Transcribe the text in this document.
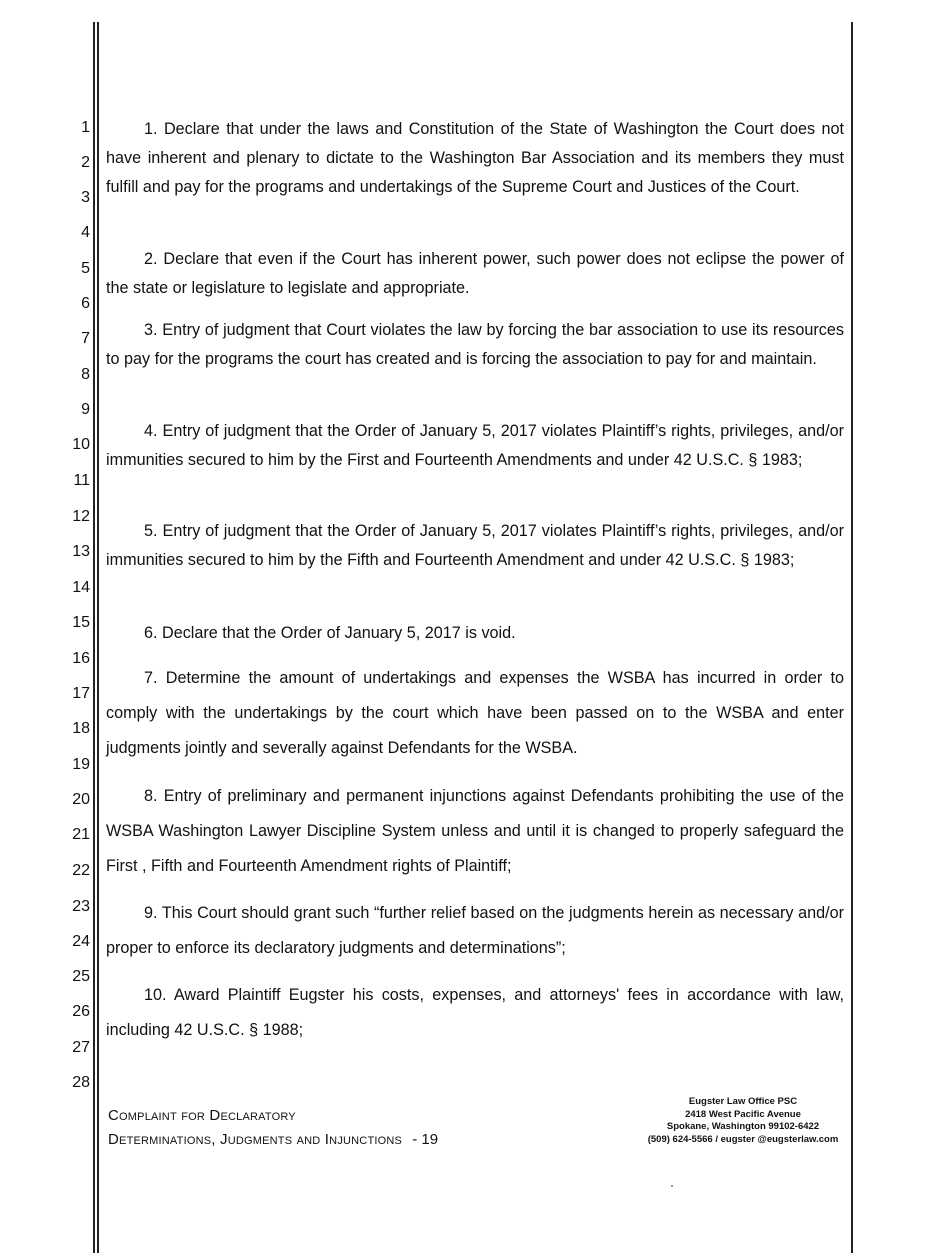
1
2
3
4
5
6
7
8
9
10
11
12
13
14
15
16
17
18
19
20
21
22
23
24
25
26
27
28

1. Declare that under the laws and Constitution of the State of Washington the Court does not have inherent and plenary to dictate to the Washington Bar Association and its members they must fulfill and pay for the programs and undertakings of the Supreme Court and Justices of the Court.

2. Declare that even if the Court has inherent power, such power does not eclipse the power of the state or legislature to legislate and appropriate.

3. Entry of judgment that Court violates the law by forcing the bar association to use its resources to pay for the programs the court has created and is forcing the association to pay for and maintain.

4. Entry of judgment that the Order of January 5, 2017 violates Plaintiff’s rights, privileges, and/or immunities secured to him by the First and Fourteenth Amendments and under 42 U.S.C. § 1983;

5. Entry of judgment that the Order of January 5, 2017 violates Plaintiff’s rights, privileges, and/or immunities secured to him by the Fifth and Fourteenth Amendment and under 42 U.S.C. § 1983;

6. Declare that the Order of January 5, 2017 is void.

7. Determine the amount of undertakings and expenses the WSBA has incurred in order to comply with the undertakings by the court which have been passed on to the WSBA and enter judgments jointly and severally against Defendants for the WSBA.

8. Entry of preliminary and permanent injunctions against Defendants prohibiting the use of the WSBA Washington Lawyer Discipline System unless and until it is changed to properly safeguard the First , Fifth and Fourteenth Amendment rights of Plaintiff;

9. This Court should grant such “further relief based on the judgments herein as necessary and/or proper to enforce its declaratory judgments and determinations”;

10. Award Plaintiff Eugster his costs, expenses, and attorneys' fees in accordance with law, including 42 U.S.C. § 1988;

Complaint for Declaratory
Determinations, Judgments and Injunctions - 19
Eugster Law Office PSC
2418 West Pacific Avenue
Spokane, Washington 99102-6422
(509) 624-5566 / eugster @eugsterlaw.com
